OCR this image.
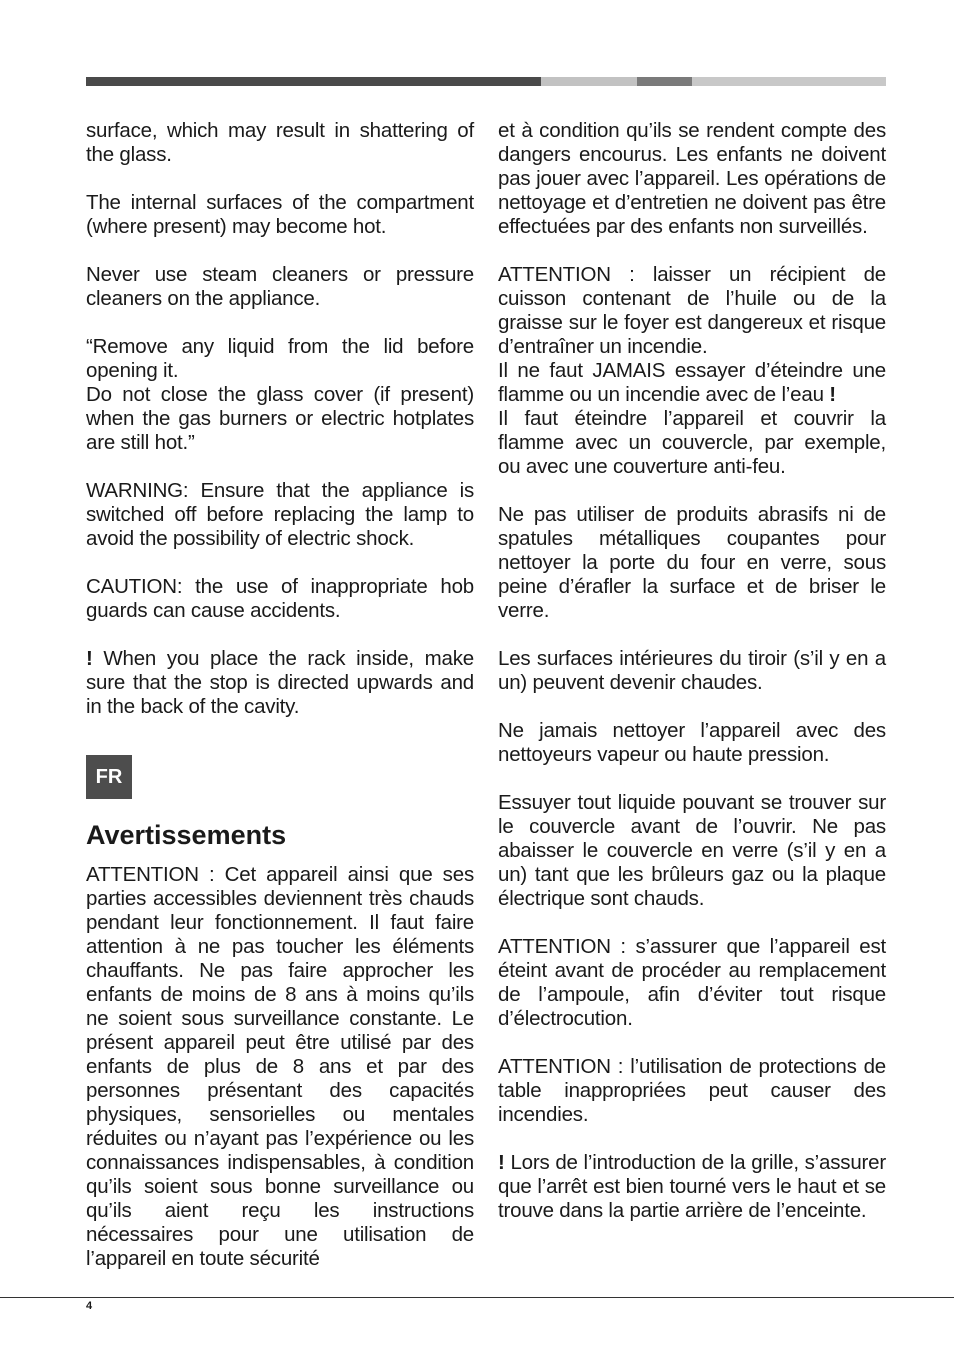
surface, which may result in shattering of the glass.

The internal surfaces of the compartment (where present) may become hot.

Never use steam cleaners or pressure cleaners on the appliance.

“Remove any liquid from the lid before opening it.

Do not close the glass cover (if present) when the gas burners or electric hotplates are still hot.”

WARNING: Ensure that the appliance is switched off before replacing the lamp to avoid the possibility of electric shock.

CAUTION: the use of inappropriate hob guards can cause accidents.

! When you place the rack inside, make sure that the stop is directed upwards and in the back of the cavity.

FR
Avertissements

ATTENTION : Cet appareil ainsi que ses parties accessibles deviennent très chauds pendant leur fonctionnement. Il faut faire attention à ne pas toucher les éléments chauffants. Ne pas faire approcher les enfants de moins de 8 ans à moins qu’ils ne soient sous surveillance constante. Le présent appareil peut être utilisé par des enfants de plus de 8 ans et par des personnes présentant des capacités physiques, sensorielles ou mentales réduites ou n’ayant pas l’expérience ou les connaissances indispensables, à condition qu’ils soient sous bonne surveillance ou qu’ils aient reçu les instructions nécessaires pour une utilisation de l’appareil en toute sécurité

et à condition qu’ils se rendent compte des dangers encourus. Les enfants ne doivent pas jouer avec l’appareil. Les opérations de nettoyage et d’entretien ne doivent pas être effectuées par des enfants non surveillés.

ATTENTION : laisser un récipient de cuisson contenant de l’huile ou de la graisse sur le foyer est dangereux et risque d’entraîner un incendie.

Il ne faut JAMAIS essayer d’éteindre une flamme ou un incendie avec de l’eau !

Il faut éteindre l’appareil et couvrir la flamme avec un couvercle, par exemple, ou avec une couverture anti-feu.

Ne pas utiliser de produits abrasifs ni de spatules métalliques coupantes pour nettoyer la porte du four en verre, sous peine d’érafler la surface et de briser le verre.

Les surfaces intérieures du tiroir (s’il y en a un) peuvent devenir chaudes.

Ne jamais nettoyer l’appareil avec des nettoyeurs vapeur ou haute pression.

Essuyer tout liquide pouvant se trouver sur le couvercle avant de l’ouvrir. Ne pas abaisser le couvercle en verre (s’il y en a un) tant que les brûleurs gaz ou la plaque électrique sont chauds.

ATTENTION : s’assurer que l’appareil est éteint avant de procéder au remplacement de l’ampoule, afin d’éviter tout risque d’électrocution.

ATTENTION : l’utilisation de protections de table inappropriées peut causer des incendies.

! Lors de l’introduction de la grille, s’assurer que l’arrêt est bien tourné vers le haut et se trouve dans la partie arrière de l’enceinte.

4
